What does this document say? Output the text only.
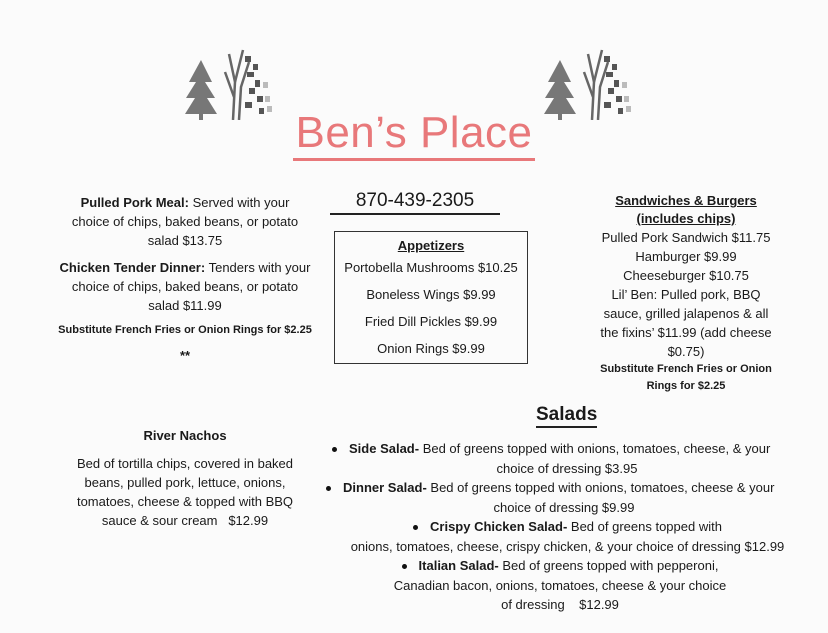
Ben’s Place
870-439-2305

Pulled Pork Meal: Served with your

choice of chips, baked beans, or potato

salad $13.75

Chicken Tender Dinner: Tenders with your

choice of chips, baked beans, or potato

salad $11.99

Substitute French Fries or Onion Rings for $2.25
**
River Nachos

Bed of tortilla chips, covered in baked

beans, pulled pork, lettuce, onions,

tomatoes, cheese & topped with BBQ

sauce & sour cream   $12.99

Appetizers
Portobella Mushrooms $10.25
Boneless Wings $9.99
Fried Dill Pickles $9.99
Onion Rings $9.99
Sandwiches & Burgers
(includes chips)
Pulled Pork Sandwich $11.75
Hamburger $9.99
Cheeseburger $10.75
Lil’ Ben: Pulled pork, BBQ
sauce, grilled jalapenos & all
the fixins’ $11.99 (add cheese
$0.75)
Substitute French Fries or Onion
Rings for $2.25
Salads
Side Salad- Bed of greens topped with onions, tomatoes, cheese, & your
choice of dressing $3.95
Dinner Salad- Bed of greens topped with onions, tomatoes, cheese & your
choice of dressing $9.99
Crispy Chicken Salad- Bed of greens topped with
onions, tomatoes, cheese, crispy chicken, & your choice of dressing $12.99
Italian Salad- Bed of greens topped with pepperoni,
Canadian bacon, onions, tomatoes, cheese & your choice
of dressing    $12.99
